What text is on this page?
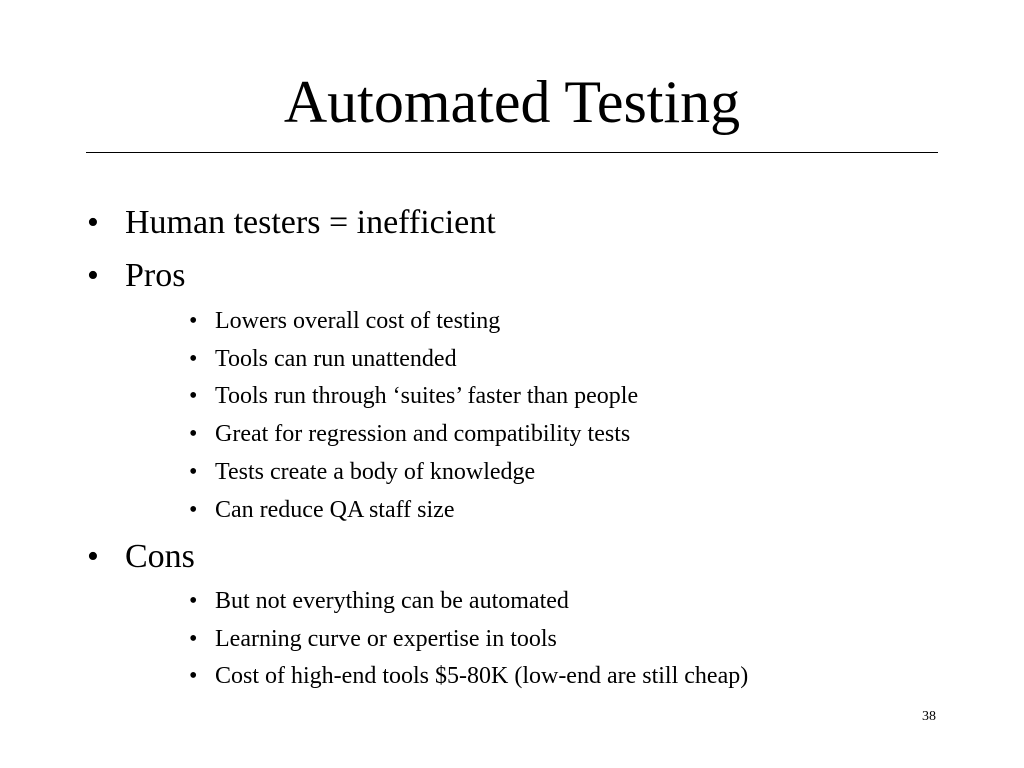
Automated Testing
• Human testers = inefficient
• Pros
• Lowers overall cost of testing
• Tools can run unattended
• Tools run through ‘suites’ faster than people
• Great for regression and compatibility tests
• Tests create a body of knowledge
• Can reduce QA staff size
• Cons
• But not everything can be automated
• Learning curve or expertise in tools
• Cost of high-end tools $5-80K (low-end are still cheap)
38
